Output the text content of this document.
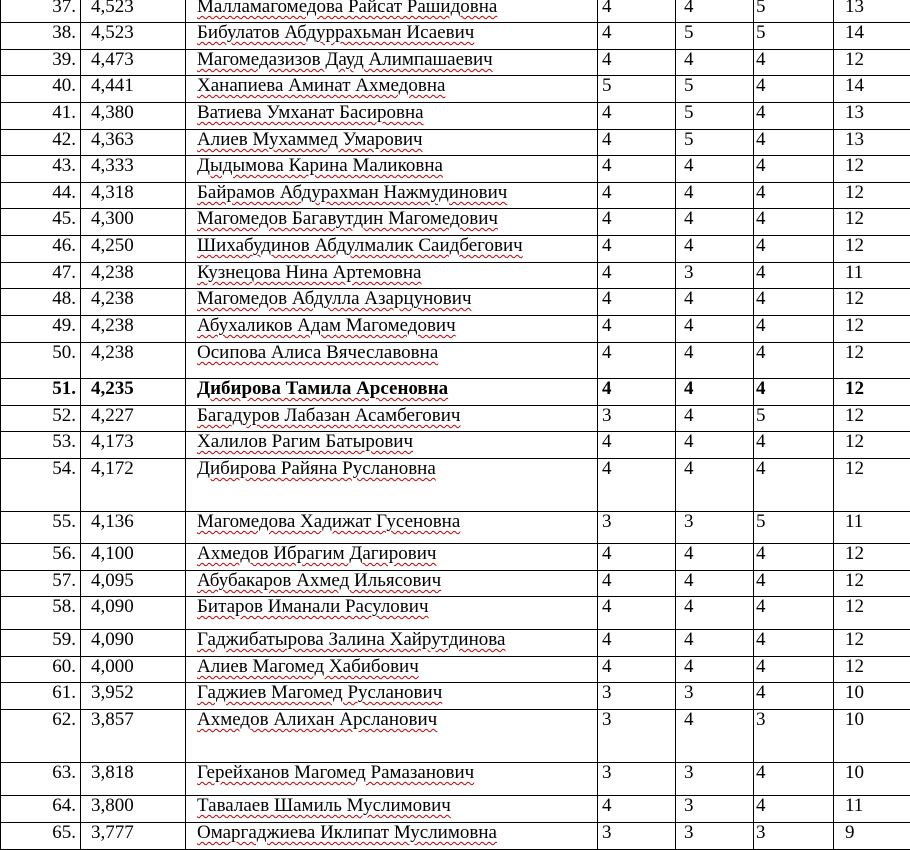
37.	4,523	Малламагомедова Райсат Рашидовна	4	4	5	13
38.	4,523	Бибулатов Абдуррахьман Исаевич	4	5	5	14
39.	4,473	Магомедазизов Дауд Алимпашаевич	4	4	4	12
40.	4,441	Ханапиева Аминат Ахмедовна	5	5	4	14
41.	4,380	Ватиева Умханат Басировна	4	5	4	13
42.	4,363	Алиев Мухаммед Умарович	4	5	4	13
43.	4,333	Дыдымова Карина Маликовна	4	4	4	12
44.	4,318	Байрамов Абдурахман Нажмудинович	4	4	4	12
45.	4,300	Магомедов Багавутдин Магомедович	4	4	4	12
46.	4,250	Шихабудинов Абдулмалик Саидбегович	4	4	4	12
47.	4,238	Кузнецова Нина Артемовна	4	3	4	11
48.	4,238	Магомедов Абдулла Азарцунович	4	4	4	12
49.	4,238	Абухаликов Адам Магомедович	4	4	4	12
50.	4,238	Осипова Алиса Вячеславовна	4	4	4	12
51.	4,235	Дибирова Тамила Арсеновна	4	4	4	12
52.	4,227	Багадуров Лабазан Асамбегович	3	4	5	12
53.	4,173	Халилов Рагим Батырович	4	4	4	12
54.	4,172	Дибирова Райяна Руслановна	4	4	4	12
55.	4,136	Магомедова Хадижат Гусеновна	3	3	5	11
56.	4,100	Ахмедов Ибрагим Дагирович	4	4	4	12
57.	4,095	Абубакаров Ахмед Ильясович	4	4	4	12
58.	4,090	Битаров Иманали Расулович	4	4	4	12
59.	4,090	Гаджибатырова Залина Хайрутдинова	4	4	4	12
60.	4,000	Алиев Магомед Хабибович	4	4	4	12
61.	3,952	Гаджиев Магомед Русланович	3	3	4	10
62.	3,857	Ахмедов Алихан Арсланович	3	4	3	10
63.	3,818	Герейханов Магомед Рамазанович	3	3	4	10
64.	3,800	Тавалаев Шамиль Муслимович	4	3	4	11
65.	3,777	Омаргаджиева Иклипат Муслимовна	3	3	3	9
